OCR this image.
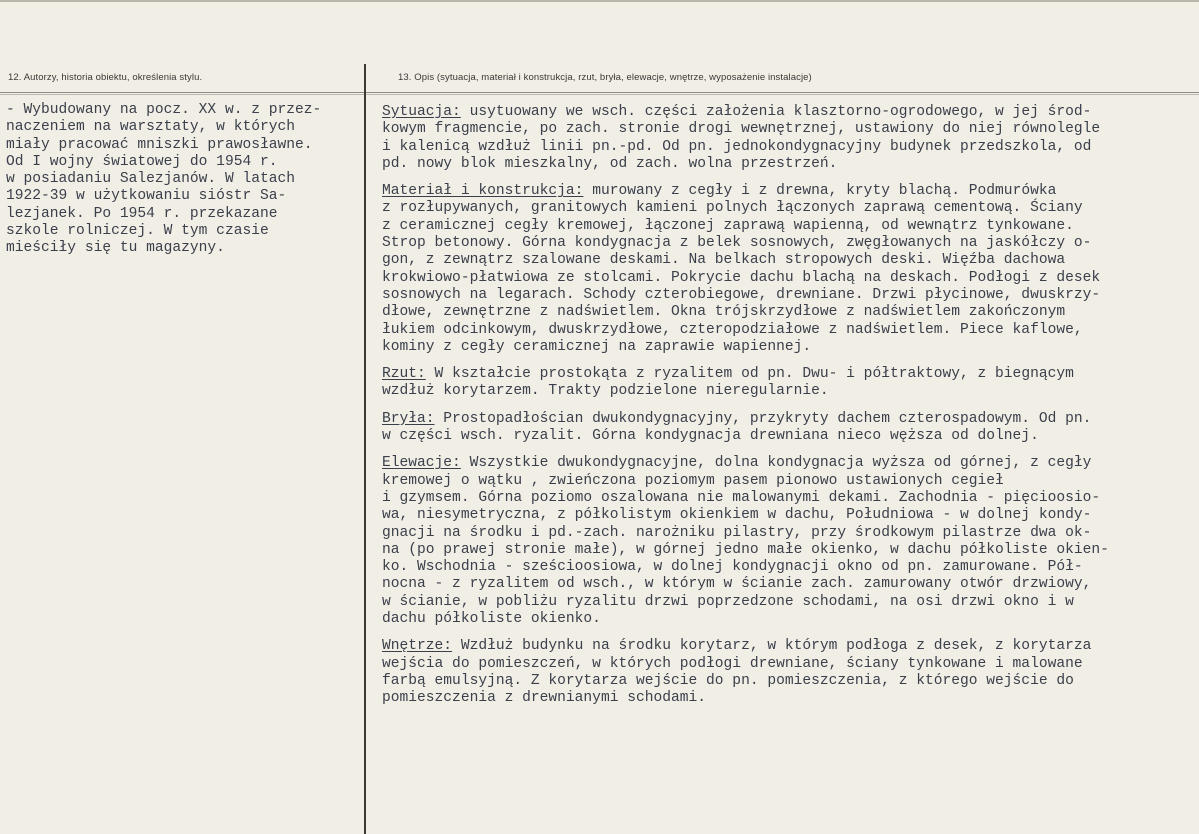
12. Autorzy, historia obiektu, określenia stylu.	13. Opis (sytuacja, materiał i konstrukcja, rzut, bryła, elewacje, wnętrze, wyposażenie instalacje)
- Wybudowany na pocz. XX w. z przez-
naczeniem na warsztaty, w których
miały pracować mniszki prawosławne.
Od I wojny światowej do 1954 r.
w posiadaniu Salezjanów. W latach
1922-39 w użytkowaniu sióstr Sa-
lezjanek. Po 1954 r. przekazane
szkole rolniczej. W tym czasie
mieściły się tu magazyny.
Sytuacja: usytuowany we wsch. części założenia klasztorno-ogrodowego, w jej środ-
kowym fragmencie, po zach. stronie drogi wewnętrznej, ustawiony do niej równolegle
i kalenicą wzdłuż linii pn.-pd. Od pn. jednokondygnacyjny budynek przedszkola, od
pd. nowy blok mieszkalny, od zach. wolna przestrzeń.
Materiał i konstrukcja: murowany z cegły i z drewna, kryty blachą. Podmurówka
z rozłupywanych, granitowych kamieni polnych łączonych zaprawą cementową. Ściany
z ceramicznej cegły kremowej, łączonej zaprawą wapienną, od wewnątrz tynkowane.
Strop betonowy. Górna kondygnacja z belek sosnowych, zwęgłowanych na jaskółczy o-
gon, z zewnątrz szalowane deskami. Na belkach stropowych deski. Więźba dachowa
krokwiowo-płatwiowa ze stolcami. Pokrycie dachu blachą na deskach. Podłogi z desek
sosnowych na legarach. Schody czterobiegowe, drewniane. Drzwi płycinowe, dwuskrzy-
dłowe, zewnętrzne z nadświetlem. Okna trójskrzydłowe z nadświetlem zakończonym
łukiem odcinkowym, dwuskrzydłowe, czteropodziałowe z nadświetlem. Piece kaflowe,
kominy z cegły ceramicznej na zaprawie wapiennej.
Rzut: W kształcie prostokąta z ryzalitem od pn. Dwu- i półtraktowy, z biegnącym
wzdłuż korytarzem. Trakty podzielone nieregularnie.
Bryła: Prostopadłościan dwukondygnacyjny, przykryty dachem czterospadowym. Od pn.
w części wsch. ryzalit. Górna kondygnacja drewniana nieco węższa od dolnej.
Elewacje: Wszystkie dwukondygnacyjne, dolna kondygnacja wyższa od górnej, z cegły
kremowej o wątku , zwieńczona poziomym pasem pionowo ustawionych cegieł
i gzymsem. Górna poziomo oszalowana nie malowanymi dekami. Zachodnia - pięcioosio-
wa, niesymetryczna, z półkolistym okienkiem w dachu, Południowa - w dolnej kondy-
gnacji na środku i pd.-zach. narożniku pilastry, przy środkowym pilastrze dwa ok-
na (po prawej stronie małe), w górnej jedno małe okienko, w dachu półkoliste okien-
ko. Wschodnia - sześcioosiowa, w dolnej kondygnacji okno od pn. zamurowane. Pół-
nocna - z ryzalitem od wsch., w którym w ścianie zach. zamurowany otwór drzwiowy,
w ścianie, w pobliżu ryzalitu drzwi poprzedzone schodami, na osi drzwi okno i w
dachu półkoliste okienko.
Wnętrze: Wzdłuż budynku na środku korytarz, w którym podłoga z desek, z korytarza
wejścia do pomieszczeń, w których podłogi drewniane, ściany tynkowane i malowane
farbą emulsyjną. Z korytarza wejście do pn. pomieszczenia, z którego wejście do
pomieszczenia z drewnianymi schodami.
